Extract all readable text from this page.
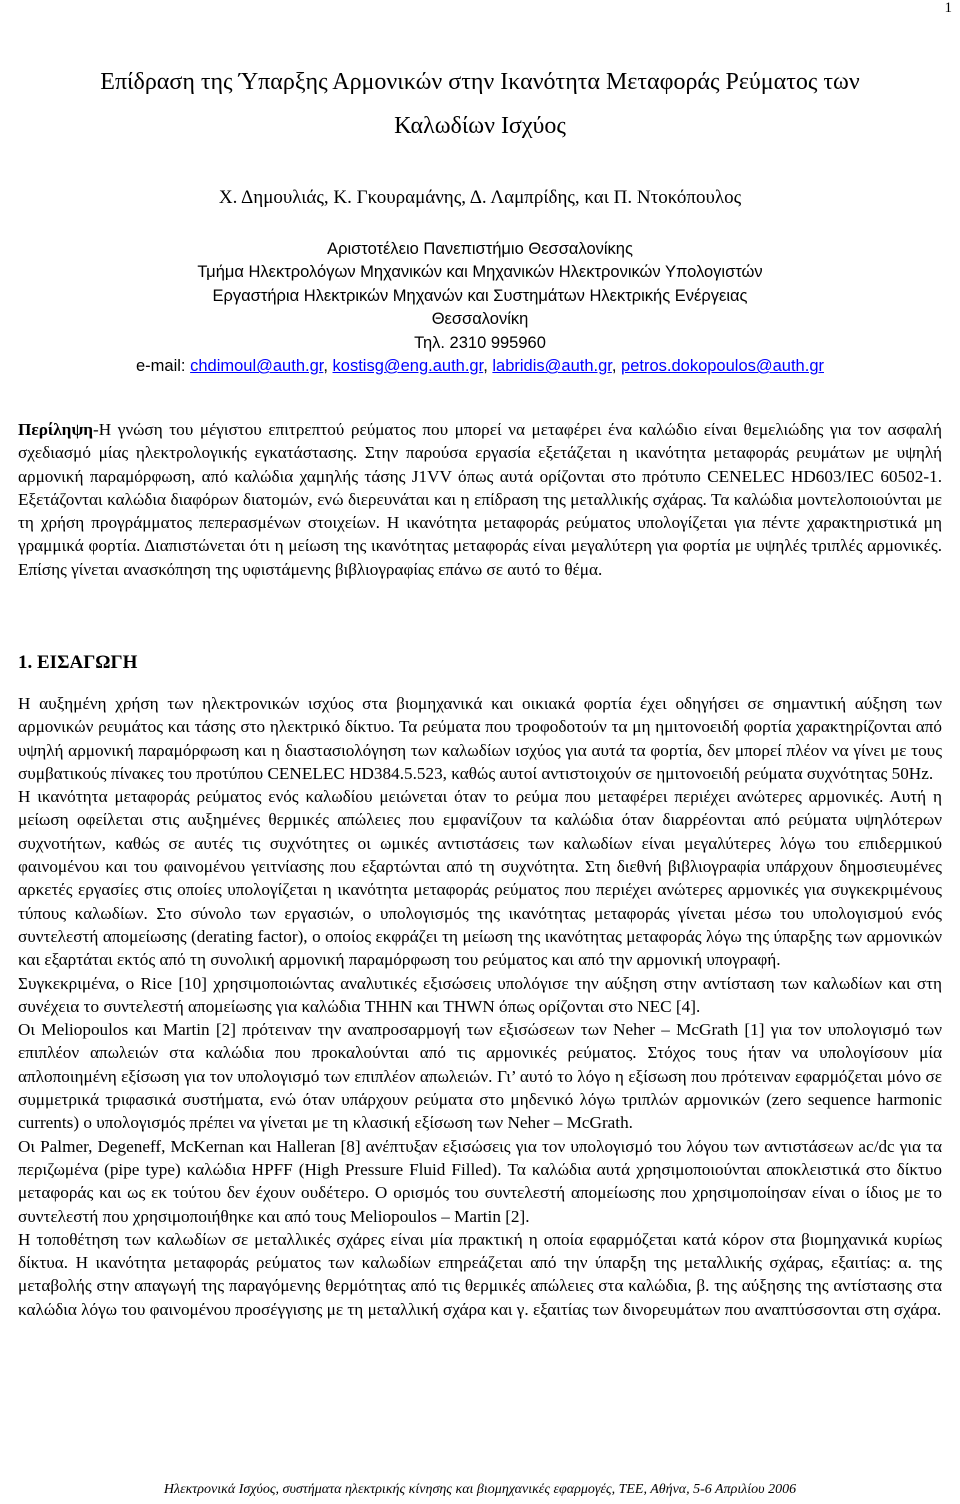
1
Επίδραση της Ύπαρξης Αρμονικών στην Ικανότητα Μεταφοράς Ρεύματος των
Καλωδίων Ισχύος
Χ. Δημουλιάς, Κ. Γκουραμάνης, Δ. Λαμπρίδης, και Π. Ντοκόπουλος
Αριστοτέλειο Πανεπιστήμιο Θεσσαλονίκης
Τμήμα Ηλεκτρολόγων Μηχανικών και Μηχανικών Ηλεκτρονικών Υπολογιστών
Εργαστήρια Ηλεκτρικών Μηχανών και Συστημάτων Ηλεκτρικής Ενέργειας
Θεσσαλονίκη
Τηλ. 2310 995960
e-mail: chdimoul@auth.gr, kostisg@eng.auth.gr, labridis@auth.gr, petros.dokopoulos@auth.gr
Περίληψη-Η γνώση του μέγιστου επιτρεπτού ρεύματος που μπορεί να μεταφέρει ένα καλώδιο είναι θεμελιώδης για τον ασφαλή σχεδιασμό μίας ηλεκτρολογικής εγκατάστασης. Στην παρούσα εργασία εξετάζεται η ικανότητα μεταφοράς ρευμάτων με υψηλή αρμονική παραμόρφωση, από καλώδια χαμηλής τάσης J1VV όπως αυτά ορίζονται στο πρότυπο CENELEC HD603/IEC 60502-1. Εξετάζονται καλώδια διαφόρων διατομών, ενώ διερευνάται και η επίδραση της μεταλλικής σχάρας. Τα καλώδια μοντελοποιούνται με τη χρήση προγράμματος πεπερασμένων στοιχείων. Η ικανότητα μεταφοράς ρεύματος υπολογίζεται για πέντε χαρακτηριστικά μη γραμμικά φορτία. Διαπιστώνεται ότι η μείωση της ικανότητας μεταφοράς είναι μεγαλύτερη για φορτία με υψηλές τριπλές αρμονικές. Επίσης γίνεται ανασκόπηση της υφιστάμενης βιβλιογραφίας επάνω σε αυτό το θέμα.
1. ΕΙΣΑΓΩΓΗ

Η αυξημένη χρήση των ηλεκτρονικών ισχύος στα βιομηχανικά και οικιακά φορτία έχει οδηγήσει σε σημαντική αύξηση των αρμονικών ρευμάτος και τάσης στο ηλεκτρικό δίκτυο. Τα ρεύματα που τροφοδοτούν τα μη ημιτονοειδή φορτία χαρακτηρίζονται από υψηλή αρμονική παραμόρφωση και η διαστασιολόγηση των καλωδίων ισχύος για αυτά τα φορτία, δεν μπορεί πλέον να γίνει με τους συμβατικούς πίνακες του προτύπου CENELEC HD384.5.523, καθώς αυτοί αντιστοιχούν σε ημιτονοειδή ρεύματα συχνότητας 50Hz.

Η ικανότητα μεταφοράς ρεύματος ενός καλωδίου μειώνεται όταν το ρεύμα που μεταφέρει περιέχει ανώτερες αρμονικές. Αυτή η μείωση οφείλεται στις αυξημένες θερμικές απώλειες που εμφανίζουν τα καλώδια όταν διαρρέονται από ρεύματα υψηλότερων συχνοτήτων, καθώς σε αυτές τις συχνότητες οι ωμικές αντιστάσεις των καλωδίων είναι μεγαλύτερες λόγω του επιδερμικού φαινομένου και του φαινομένου γειτνίασης που εξαρτώνται από τη συχνότητα. Στη διεθνή βιβλιογραφία υπάρχουν δημοσιευμένες αρκετές εργασίες στις οποίες υπολογίζεται η ικανότητα μεταφοράς ρεύματος που περιέχει ανώτερες αρμονικές για συγκεκριμένους τύπους καλωδίων. Στο σύνολο των εργασιών, ο υπολογισμός της ικανότητας μεταφοράς γίνεται μέσω του υπολογισμού ενός συντελεστή απομείωσης (derating factor), ο οποίος εκφράζει τη μείωση της ικανότητας μεταφοράς λόγω της ύπαρξης των αρμονικών και εξαρτάται εκτός από τη συνολική αρμονική παραμόρφωση του ρεύματος και από την αρμονική υπογραφή.

Συγκεκριμένα, ο Rice [10] χρησιμοποιώντας αναλυτικές εξισώσεις υπολόγισε την αύξηση στην αντίσταση των καλωδίων και στη συνέχεια το συντελεστή απομείωσης για καλώδια THHN και THWN όπως ορίζονται στο NEC [4].

Οι Meliopoulos και Martin [2] πρότειναν την αναπροσαρμογή των εξισώσεων των Neher – McGrath [1] για τον υπολογισμό των επιπλέον απωλειών στα καλώδια που προκαλούνται από τις αρμονικές ρεύματος. Στόχος τους ήταν να υπολογίσουν μία απλοποιημένη εξίσωση για τον υπολογισμό των επιπλέον απωλειών. Γι’ αυτό το λόγο η εξίσωση που πρότειναν εφαρμόζεται μόνο σε συμμετρικά τριφασικά συστήματα, ενώ όταν υπάρχουν ρεύματα στο μηδενικό λόγω τριπλών αρμονικών (zero sequence harmonic currents) ο υπολογισμός πρέπει να γίνεται με τη κλασική εξίσωση των Neher – McGrath.

Οι Palmer, Degeneff, McKernan και Halleran [8] ανέπτυξαν εξισώσεις για τον υπολογισμό του λόγου των αντιστάσεων ac/dc για τα περιζωμένα (pipe type) καλώδια HPFF (High Pressure Fluid Filled). Τα καλώδια αυτά χρησιμοποιούνται αποκλειστικά στο δίκτυο μεταφοράς και ως εκ τούτου δεν έχουν ουδέτερο. Ο ορισμός του συντελεστή απομείωσης που χρησιμοποίησαν είναι ο ίδιος με το συντελεστή που χρησιμοποιήθηκε και από τους Meliopoulos – Martin [2].

Η τοποθέτηση των καλωδίων σε μεταλλικές σχάρες είναι μία πρακτική η οποία εφαρμόζεται κατά κόρον στα βιομηχανικά κυρίως δίκτυα. Η ικανότητα μεταφοράς ρεύματος των καλωδίων επηρεάζεται από την ύπαρξη της μεταλλικής σχάρας, εξαιτίας: α. της μεταβολής στην απαγωγή της παραγόμενης θερμότητας από τις θερμικές απώλειες στα καλώδια, β. της αύξησης της αντίστασης στα καλώδια λόγω του φαινομένου προσέγγισης με τη μεταλλική σχάρα και γ. εξαιτίας των δινορευμάτων που αναπτύσσονται στη σχάρα.

Ηλεκτρονικά Ισχύος, συστήματα ηλεκτρικής κίνησης και βιομηχανικές εφαρμογές, ΤΕΕ, Αθήνα, 5-6 Απριλίου 2006
